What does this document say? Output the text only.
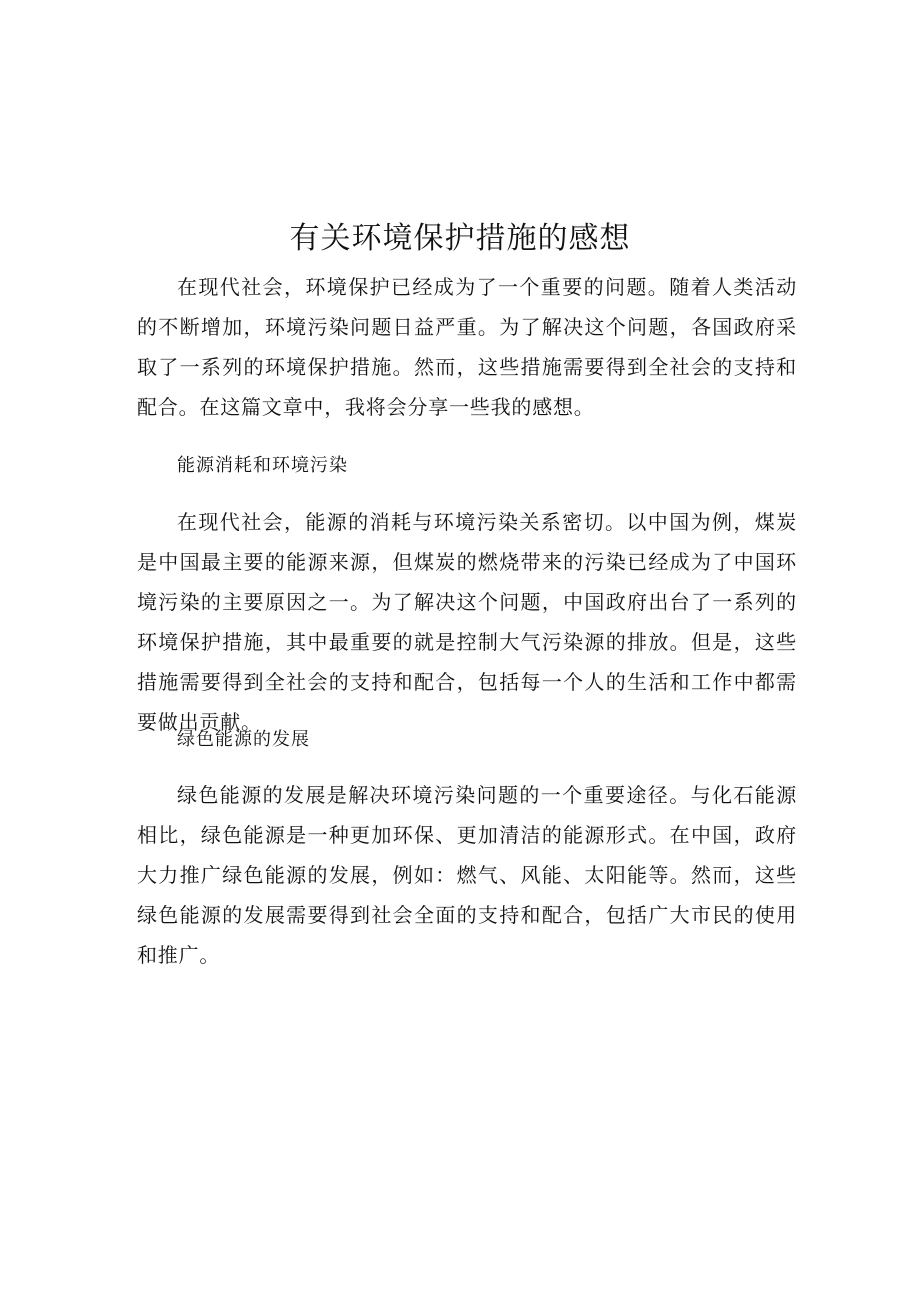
有关环境保护措施的感想

在现代社会，环境保护已经成为了一个重要的问题。随着人类活动的不断增加，环境污染问题日益严重。为了解决这个问题，各国政府采取了一系列的环境保护措施。然而，这些措施需要得到全社会的支持和配合。在这篇文章中，我将会分享一些我的感想。

能源消耗和环境污染

在现代社会，能源的消耗与环境污染关系密切。以中国为例，煤炭是中国最主要的能源来源，但煤炭的燃烧带来的污染已经成为了中国环境污染的主要原因之一。为了解决这个问题，中国政府出台了一系列的环境保护措施，其中最重要的就是控制大气污染源的排放。但是，这些措施需要得到全社会的支持和配合，包括每一个人的生活和工作中都需要做出贡献。

绿色能源的发展

绿色能源的发展是解决环境污染问题的一个重要途径。与化石能源相比，绿色能源是一种更加环保、更加清洁的能源形式。在中国，政府大力推广绿色能源的发展，例如：燃气、风能、太阳能等。然而，这些绿色能源的发展需要得到社会全面的支持和配合，包括广大市民的使用和推广。
